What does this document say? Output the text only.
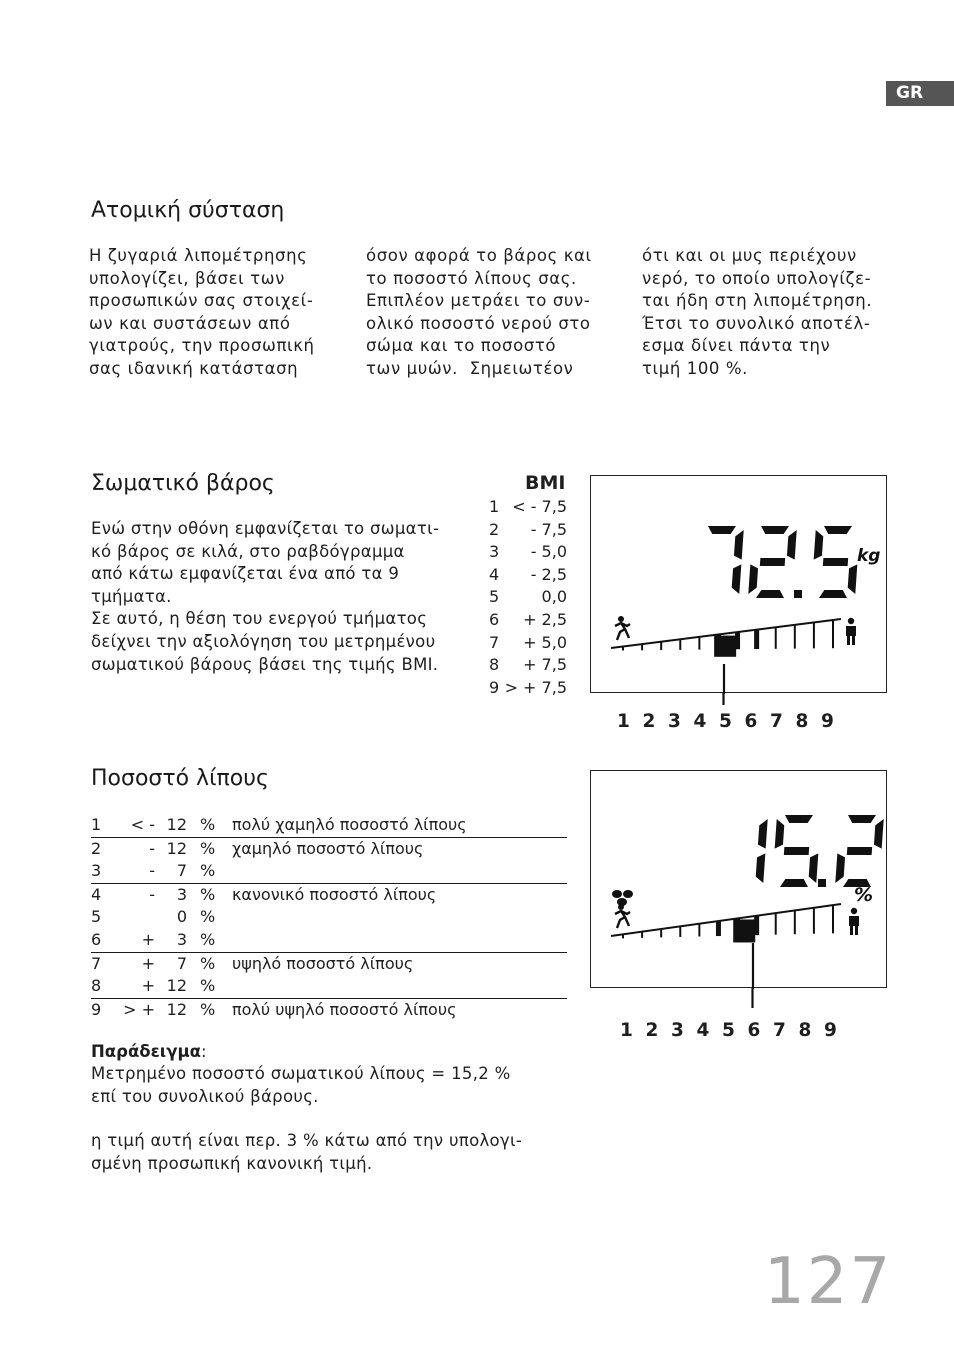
GR
Ατομική σύσταση
Η ζυγαριά λιπομέτρησης
υπολογίζει, βάσει των
προσωπικών σας στοιχεί-
ων και συστάσεων από
γιατρούς, την προσωπική
σας ιδανική κατάσταση
όσον αφορά το βάρος και
το ποσοστό λίπους σας.
Επιπλέον μετράει το συν-
ολικό ποσοστό νερού στο
σώμα και το ποσοστό
των μυών.  Σημειωτέον
ότι και οι μυς περιέχουν
νερό, το οποίο υπολογίζε-
ται ήδη στη λιπομέτρηση.
Έτσι το συνολικό αποτέλ-
εσμα δίνει πάντα την
τιμή 100 %.
Σωματικό βάρος
Ενώ στην οθόνη εμφανίζεται το σωματι-
κό βάρος σε κιλά, στο ραβδόγραμμα
από κάτω εμφανίζεται ένα από τα 9
τμήματα.
Σε αυτό, η θέση του ενεργού τμήματος
δείχνει την αξιολόγηση του μετρημένου
σωματικού βάρους βάσει της τιμής BMI.
BMI
1 < - 7,5
2 - 7,5
3 - 5,0
4 - 2,5
5	0,0
6 + 2,5
7 + 5,0
8 + 7,5
9 > + 7,5
kg
1 2 3 4 5 6 7 8 9
Ποσοστό λίπους
1 < - 12 % πολύ χαμηλό ποσοστό λίπους
2	- 12 % χαμηλό ποσοστό λίπους
3	- 7 %
4	- 3 % κανονικό ποσοστό λίπους
5	0 %
6	+ 3 %
7	+ 7 % υψηλό ποσοστό λίπους
8	+ 12 %
9 > + 12 % πολύ υψηλό ποσοστό λίπους
Παράδειγμα:
Μετρημένο ποσοστό σωματικού λίπους = 15,2 %
επί του συνολικού βάρους.
η τιμή αυτή είναι περ. 3 % κάτω από την υπολογι-
σμένη προσωπική κανονική τιμή.
%
1 2 3 4 5 6 7 8 9
127
